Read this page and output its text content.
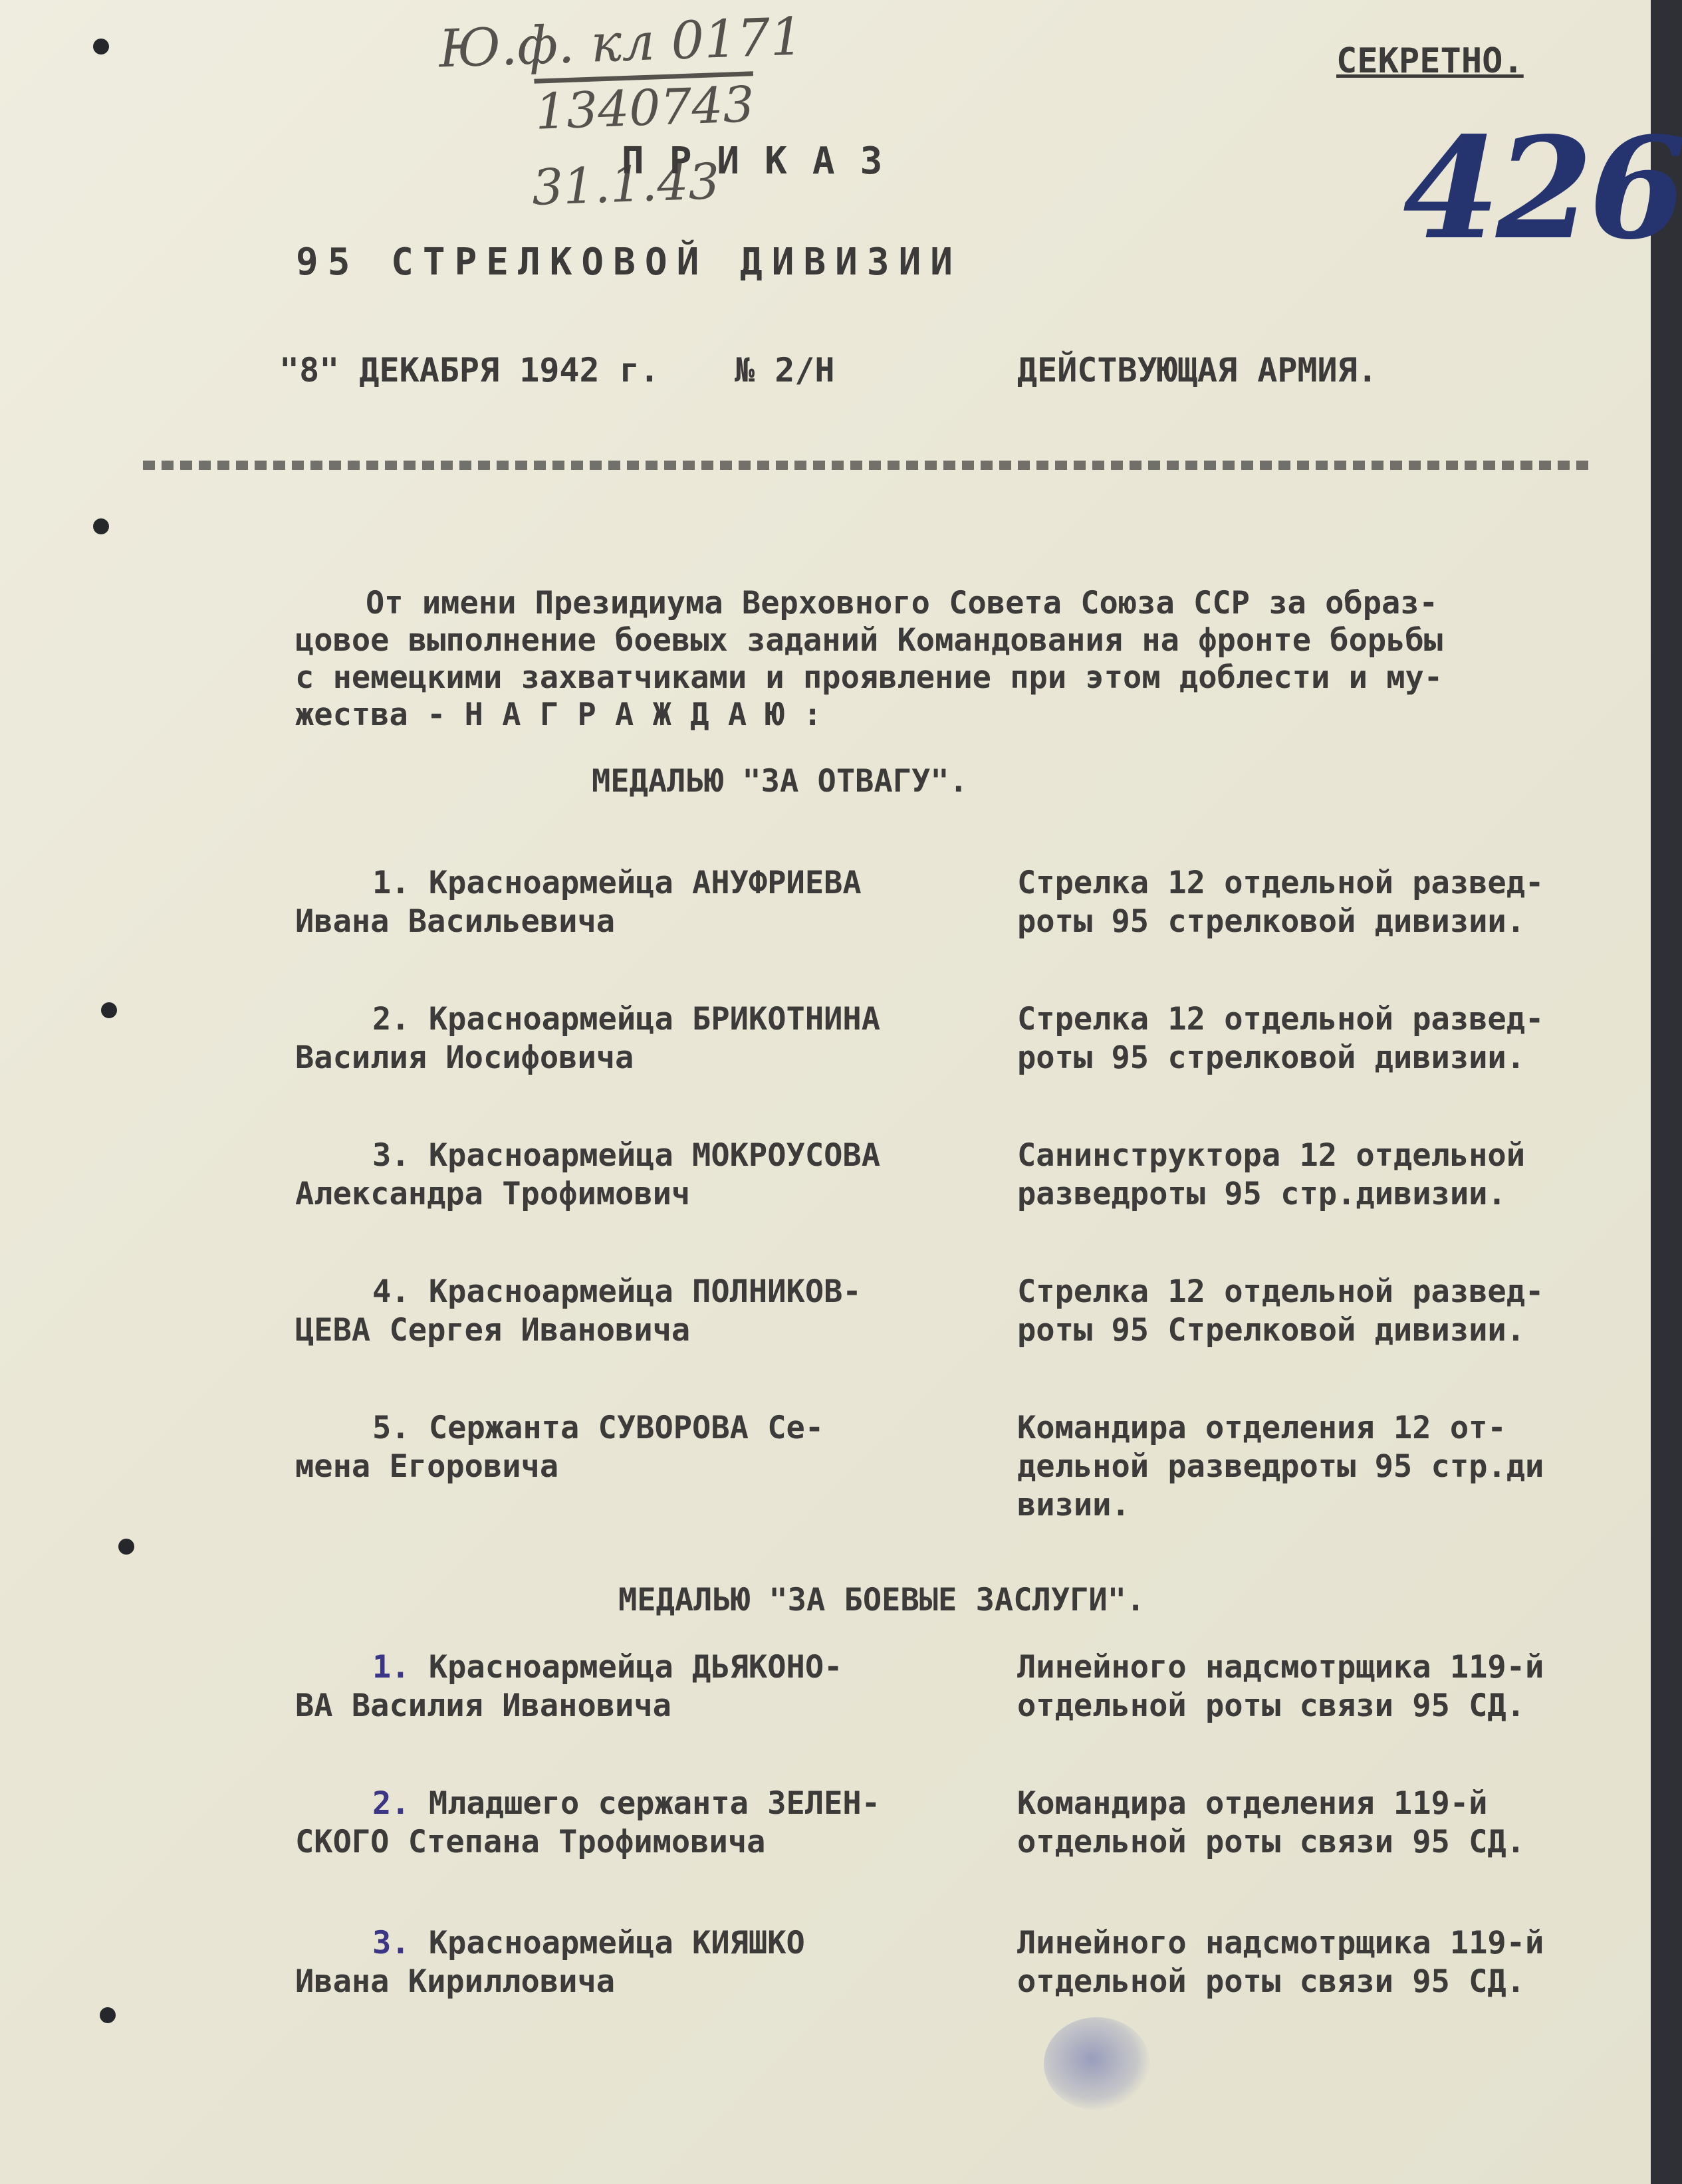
Ю.ф. кл 0171
1340743
31.1.43
СЕКРЕТНО.
426
ПРИКАЗ
95 СТРЕЛКОВОЙ ДИВИЗИИ
"8" ДЕКАБРЯ 1942 г. № 2/Н	ДЕЙСТВУЮЩАЯ АРМИЯ.

От имени Президиума Верховного Совета Союза ССР за образ-

цовое выполнение боевых заданий Командования на фронте борьбы

с немецкими захватчиками и проявление при этом доблести и му-

жества - Н А Г Р А Ж Д А Ю :

МЕДАЛЬЮ "ЗА ОТВАГУ".
1. Красноармейца АНУФРИЕВА
Ивана Васильевича
Стрелка 12 отдельной развед-
роты 95 стрелковой дивизии.
2. Красноармейца БРИКОТНИНА
Василия Иосифовича
Стрелка 12 отдельной развед-
роты 95 стрелковой дивизии.
3. Красноармейца МОКРОУСОВА
Александра Трофимович
Санинструктора 12 отдельной
разведроты 95 стр.дивизии.
4. Красноармейца ПОЛНИКОВ-
ЦЕВА Сергея Ивановича
Стрелка 12 отдельной развед-
роты 95 Стрелковой дивизии.
5. Сержанта СУВОРОВА Се-
мена Егоровича
Командира отделения 12 от-
дельной разведроты 95 стр.ди
визии.
МЕДАЛЬЮ "ЗА БОЕВЫЕ ЗАСЛУГИ".
1. Красноармейца ДЬЯКОНО-
ВА Василия Ивановича
Линейного надсмотрщика 119-й
отдельной роты связи 95 СД.
2. Младшего сержанта ЗЕЛЕН-
СКОГО Степана Трофимовича
Командира отделения 119-й
отдельной роты связи 95 СД.
3. Красноармейца КИЯШКО
Ивана Кирилловича
Линейного надсмотрщика 119-й
отдельной роты связи 95 СД.
